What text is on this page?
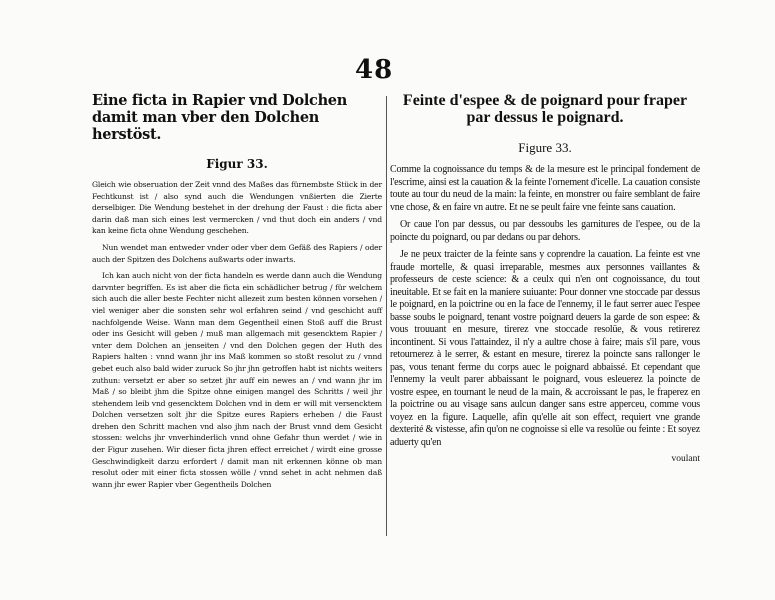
48
Eine ficta in Rapier vnd Dolchen damit man vber den Dolchen herstöst.
Figur 33.

Gleich wie obseruation der Zeit vnnd des Maßes das fürnembste Stück in der Fechtkunst ist / also synd auch die Wendungen vnßierten die Zierte derselbiger. Die Wendung bestehet in der drehung der Faust : die ficta aber darin daß man sich eines lest vermercken / vnd thut doch ein anders / vnd kan keine ficta ohne Wendung geschehen.

Nun wendet man entweder vnder oder vber dem Gefäß des Rapiers / oder auch der Spitzen des Dolchens außwarts oder inwarts.

Ich kan auch nicht von der ficta handeln es werde dann auch die Wendung darvnter begriffen. Es ist aber die ficta ein schädlicher betrug / für welchem sich auch die aller beste Fechter nicht allezeit zum besten können vorsehen / viel weniger aber die sonsten sehr wol erfahren seind / vnd geschicht auff nachfolgende Weise. Wann man dem Gegentheil einen Stoß auff die Brust oder ins Gesicht will geben / muß man allgemach mit gesencktem Rapier / vnter dem Dolchen an jenseiten / vnd den Dolchen gegen der Huth des Rapiers halten : vnnd wann jhr ins Maß kommen so stoßt resolut zu / vnnd gebet euch also bald wider zuruck So jhr jhn getroffen habt ist nichts weiters zuthun: versetzt er aber so setzet jhr auff ein newes an / vnd wann jhr im Maß / so bleibt jhm die Spitze ohne einigen mangel des Schritts / weil jhr stehendem leib vnd gesencktem Dolchen vnd in dem er will mit versencktem Dolchen versetzen solt jhr die Spitze eures Rapiers erheben / die Faust drehen den Schritt machen vnd also jhm nach der Brust vnnd dem Gesicht stossen: welchs jhr vnverhinderlich vnnd ohne Gefahr thun werdet / wie in der Figur zusehen. Wir dieser ficta jhren effect erreichet / wirdt eine grosse Geschwindigkeit darzu erfordert / damit man nit erkennen könne ob man resolut oder mit einer ficta stossen wölle / vnnd sehet in acht nehmen daß wann jhr ewer Rapier vber Gegentheils Dolchen

Feinte d'espee & de poignard pour fraper par dessus le poignard.
Figure 33.

Comme la cognoissance du temps & de la mesure est le principal fondement de l'escrime, ainsi est la cauation & la feinte l'ornement d'icelle. La cauation consiste toute au tour du neud de la main: la feinte, en monstrer ou faire semblant de faire vne chose, & en faire vn autre. Et ne se peult faire vne feinte sans cauation.

Or caue l'on par dessus, ou par dessoubs les garnitures de l'espee, ou de la poincte du poignard, ou par dedans ou par dehors.

Je ne peux traicter de la feinte sans y coprendre la cauation. La feinte est vne fraude mortelle, & quasi irreparable, mesmes aux personnes vaillantes & professeurs de ceste science: & a ceulx qui n'en ont cognoissance, du tout ineuitable. Et se fait en la maniere suiuante: Pour donner vne stoccade par dessus le poignard, en la poictrine ou en la face de l'ennemy, il le faut serrer auec l'espee basse soubs le poignard, tenant vostre poignard deuers la garde de son espee: & vous trouuant en mesure, tirerez vne stoccade resolüe, & vous retirerez incontinent. Si vous l'attaindez, il n'y a aultre chose à faire; mais s'il pare, vous retournerez à le serrer, & estant en mesure, tirerez la poincte sans rallonger le pas, vous tenant ferme du corps auec le poignard abbaissé. Et cependant que l'ennemy la veult parer abbaissant le poignard, vous esleuerez la poincte de vostre espee, en tournant le neud de la main, & accroissant le pas, le fraperez en la poictrine ou au visage sans aulcun danger sans estre apperceu, comme vous voyez en la figure. Laquelle, afin qu'elle ait son effect, requiert vne grande dexterité & vistesse, afin qu'on ne cognoisse si elle va resolüe ou feinte : Et soyez aduerty qu'en

voulant
